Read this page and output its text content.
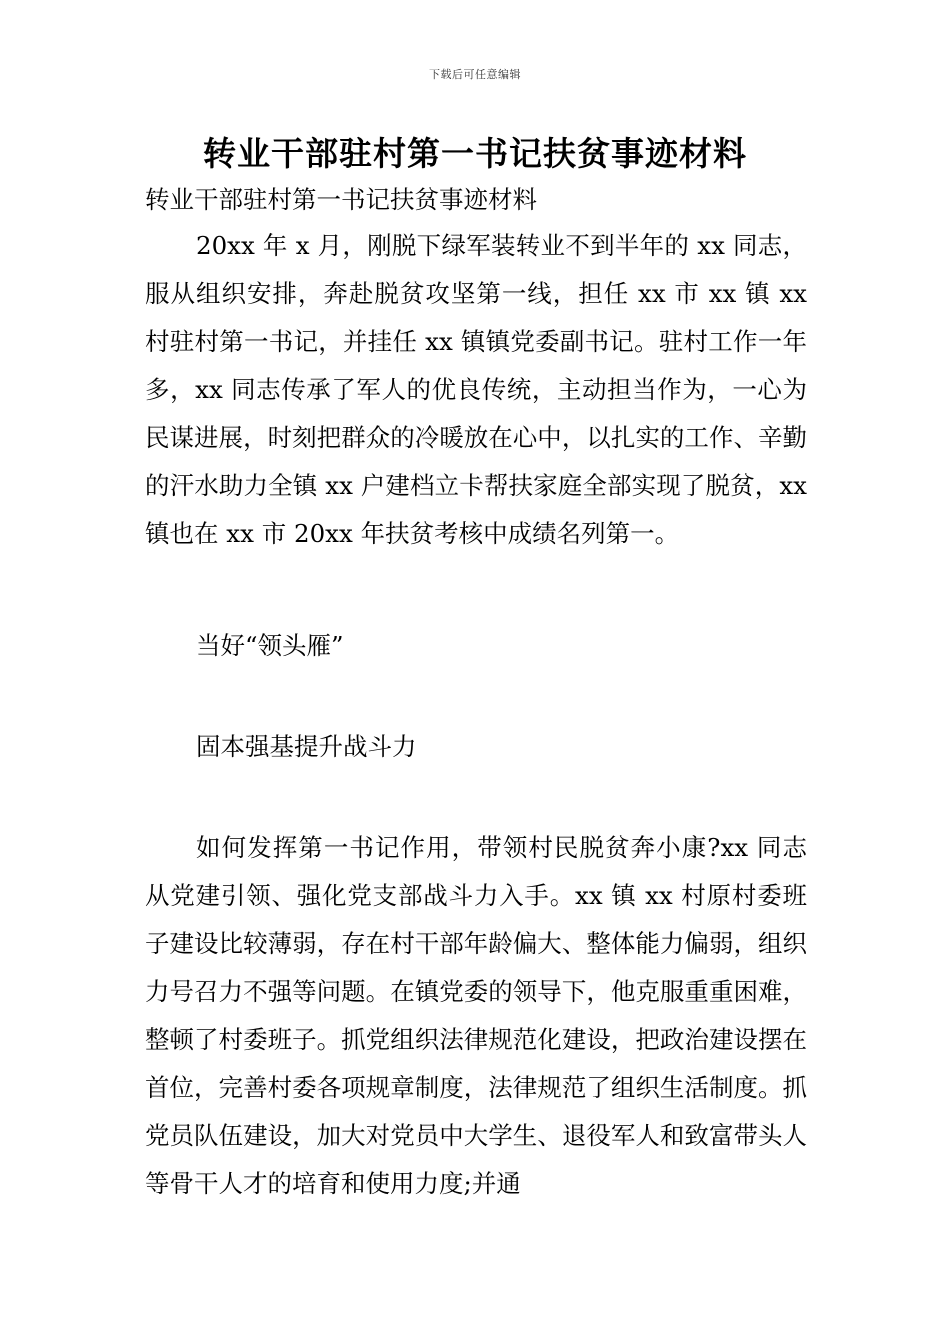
下载后可任意编辑
转业干部驻村第一书记扶贫事迹材料
转业干部驻村第一书记扶贫事迹材料
20xx 年 x 月，刚脱下绿军装转业不到半年的 xx 同志，服从组织安排，奔赴脱贫攻坚第一线，担任 xx 市 xx 镇 xx 村驻村第一书记，并挂任 xx 镇镇党委副书记。驻村工作一年多，xx 同志传承了军人的优良传统，主动担当作为，一心为民谋进展，时刻把群众的冷暖放在心中，以扎实的工作、辛勤的汗水助力全镇 xx 户建档立卡帮扶家庭全部实现了脱贫，xx 镇也在 xx 市 20xx 年扶贫考核中成绩名列第一。
当好“领头雁”
固本强基提升战斗力
如何发挥第一书记作用，带领村民脱贫奔小康?xx 同志从党建引领、强化党支部战斗力入手。xx 镇 xx 村原村委班子建设比较薄弱，存在村干部年龄偏大、整体能力偏弱，组织力号召力不强等问题。在镇党委的领导下，他克服重重困难，整顿了村委班子。抓党组织法律规范化建设，把政治建设摆在首位，完善村委各项规章制度，法律规范了组织生活制度。抓党员队伍建设，加大对党员中大学生、退役军人和致富带头人等骨干人才的培育和使用力度;并通
